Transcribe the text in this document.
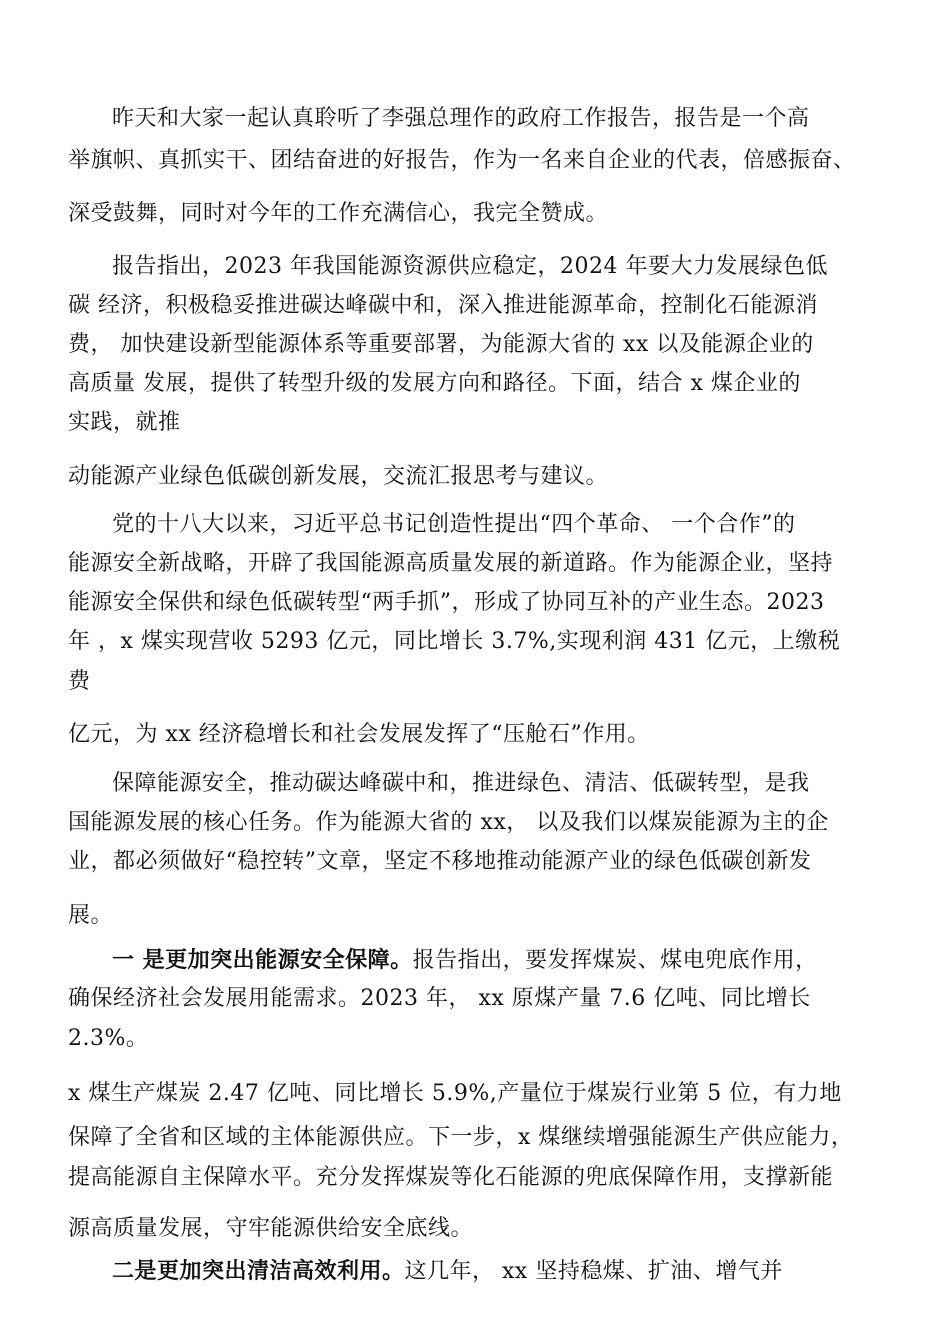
昨天和大家一起认真聆听了李强总理作的政府工作报告，报告是一个高
举旗帜、真抓实干、团结奋进的好报告，作为一名来自企业的代表，倍感振奋、
深受鼓舞，同时对今年的工作充满信心，我完全赞成。
报告指出，2023 年我国能源资源供应稳定，2024 年要大力发展绿色低
碳 经济，积极稳妥推进碳达峰碳中和，深入推进能源革命，控制化石能源消
费， 加快建设新型能源体系等重要部署，为能源大省的 xx 以及能源企业的
高质量 发展，提供了转型升级的发展方向和路径。下面，结合 x 煤企业的
实践，就推
动能源产业绿色低碳创新发展，交流汇报思考与建议。
党的十八大以来，习近平总书记创造性提出“四个革命、 一个合作”的
能源安全新战略，开辟了我国能源高质量发展的新道路。作为能源企业，坚持
能源安全保供和绿色低碳转型“两手抓”，形成了协同互补的产业生态。2023
年 ，x 煤实现营收 5293 亿元，同比增长 3.7%,实现利润 431 亿元，上缴税
费
亿元，为 xx 经济稳增长和社会发展发挥了“压舱石”作用。
保障能源安全，推动碳达峰碳中和，推进绿色、清洁、低碳转型，是我
国能源发展的核心任务。作为能源大省的 xx， 以及我们以煤炭能源为主的企
业，都必须做好“稳控转”文章，坚定不移地推动能源产业的绿色低碳创新发
展。
一 是更加突出能源安全保障。报告指出，要发挥煤炭、煤电兜底作用，
确保经济社会发展用能需求。2023 年， xx 原煤产量 7.6 亿吨、同比增长
2.3%。
x 煤生产煤炭 2.47 亿吨、同比增长 5.9%,产量位于煤炭行业第 5 位，有力地
保障了全省和区域的主体能源供应。下一步，x 煤继续增强能源生产供应能力，
提高能源自主保障水平。充分发挥煤炭等化石能源的兜底保障作用，支撑新能
源高质量发展，守牢能源供给安全底线。
二是更加突出清洁高效利用。这几年， xx 坚持稳煤、扩油、增气并
